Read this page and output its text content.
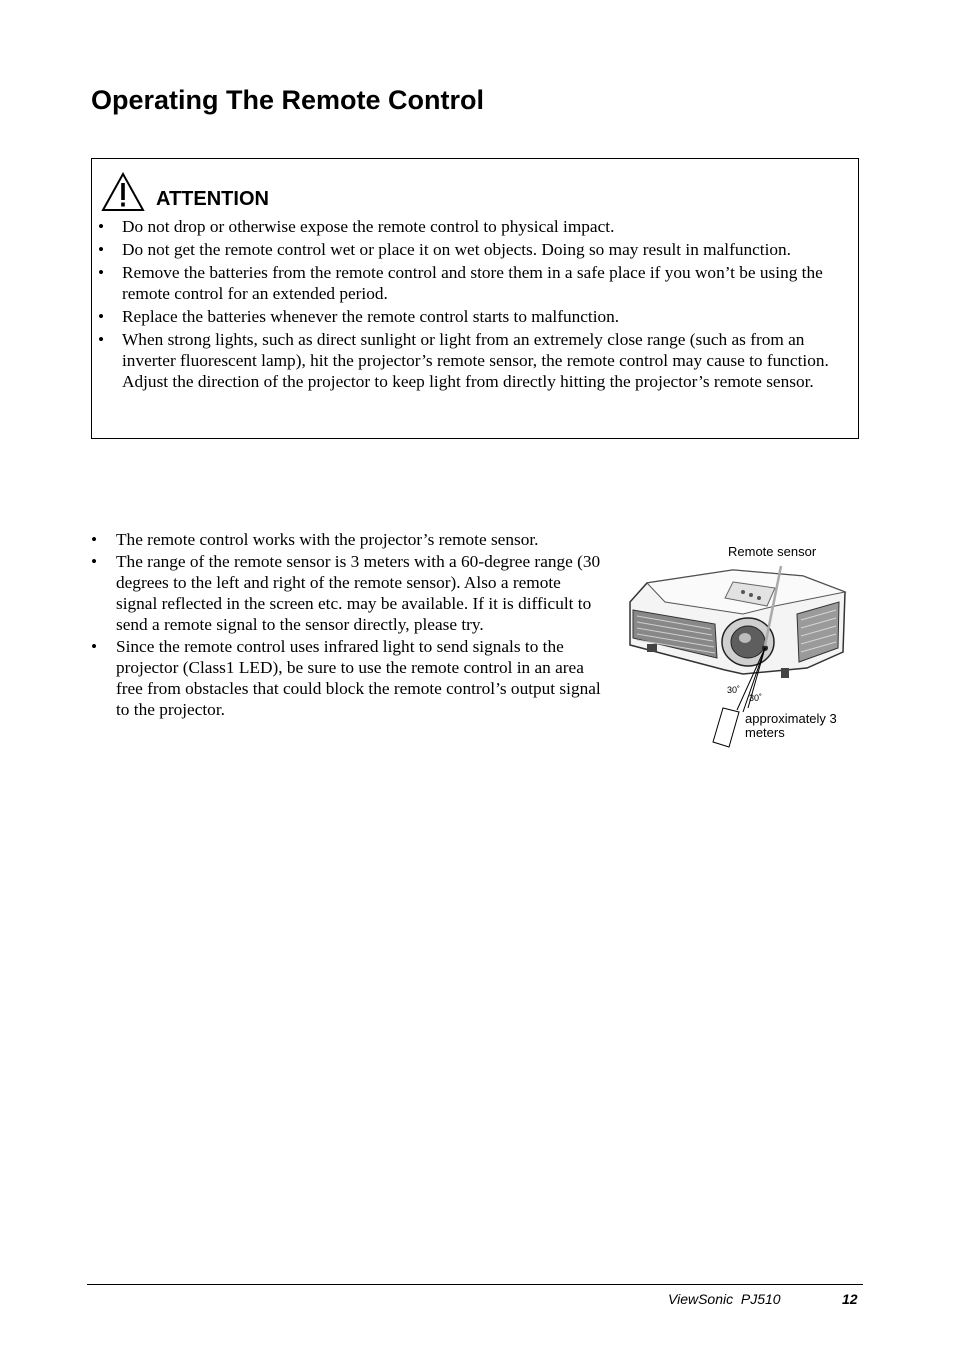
Operating The Remote Control
ATTENTION
• Do not drop or otherwise expose the remote control to physical impact.
• Do not get the remote control wet or place it on wet objects. Doing so may result in malfunction.
• Remove the batteries from the remote control and store them in a safe place if you won’t be using the remote control for an extended period.
• Replace the batteries whenever the remote control starts to malfunction.
• When strong lights, such as direct sunlight or light from an extremely close range (such as from an inverter fluorescent lamp), hit the projector’s remote sensor, the remote control may cause to function. Adjust the direction of the projector to keep light from directly hitting the projector’s remote sensor.
• The remote control works with the projector’s remote sensor.
• The range of the remote sensor is 3 meters with a 60-degree range (30 degrees to the left and right of the remote sensor). Also a remote signal reflected in the screen etc. may be available. If it is difficult to send a remote signal to the sensor directly, please try.
• Since the remote control uses infrared light to send signals to the projector (Class1 LED), be sure to use the remote control in an area free from obstacles that could block the remote control’s output signal to the projector.
Remote sensor
30˚
30˚
approximately 3
meters
ViewSonic  PJ510	12
